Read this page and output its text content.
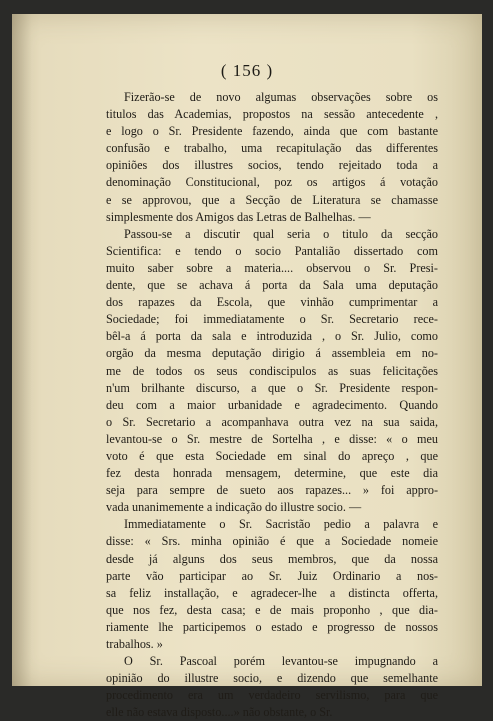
( 156 )
Fizerão-se de novo algumas observações sobre os
titulos das Academias, propostos na sessão antecedente ,
e logo o Sr. Presidente fazendo, ainda que com bastante
confusão e trabalho, uma recapitulação das differentes
opiniões dos illustres socios, tendo rejeitado toda a
denominação Constitucional, poz os artigos á votação
e se approvou, que a Secção de Literatura se chamasse
simplesmente dos Amigos das Letras de Balhelhas. —
Passou-se a discutir qual seria o titulo da secção
Scientifica: e tendo o socio Pantalião dissertado com
muito saber sobre a materia.... observou o Sr. Presi-
dente, que se achava á porta da Sala uma deputação
dos rapazes da Escola, que vinhão cumprimentar a
Sociedade; foi immediatamente o Sr. Secretario rece-
bêl-a á porta da sala e introduzida , o Sr. Julio, como
orgão da mesma deputação dirigio á assembleia em no-
me de todos os seus condiscipulos as suas felicitações
n'um brilhante discurso, a que o Sr. Presidente respon-
deu com a maior urbanidade e agradecimento. Quando
o Sr. Secretario a acompanhava outra vez na sua saida,
levantou-se o Sr. mestre de Sortelha , e disse: « o meu
voto é que esta Sociedade em sinal do apreço , que
fez desta honrada mensagem, determine, que este dia
seja para sempre de sueto aos rapazes... » foi appro-
vada unanimemente a indicação do illustre socio. —
Immediatamente o Sr. Sacristão pedio a palavra e
disse: « Srs. minha opinião é que a Sociedade nomeie
desde já alguns dos seus membros, que da nossa
parte vão participar ao Sr. Juiz Ordinario a nos-
sa feliz installação, e agradecer-lhe a distincta offerta,
que nos fez, desta casa; e de mais proponho , que dia-
riamente lhe participemos o estado e progresso de nossos
trabalhos. »
O Sr. Pascoal porém levantou-se impugnando a
opinião do illustre socio, e dizendo que semelhante
procedimento era um verdadeiro servilismo, para que
elle não estava disposto....» não obstante, o Sr.
